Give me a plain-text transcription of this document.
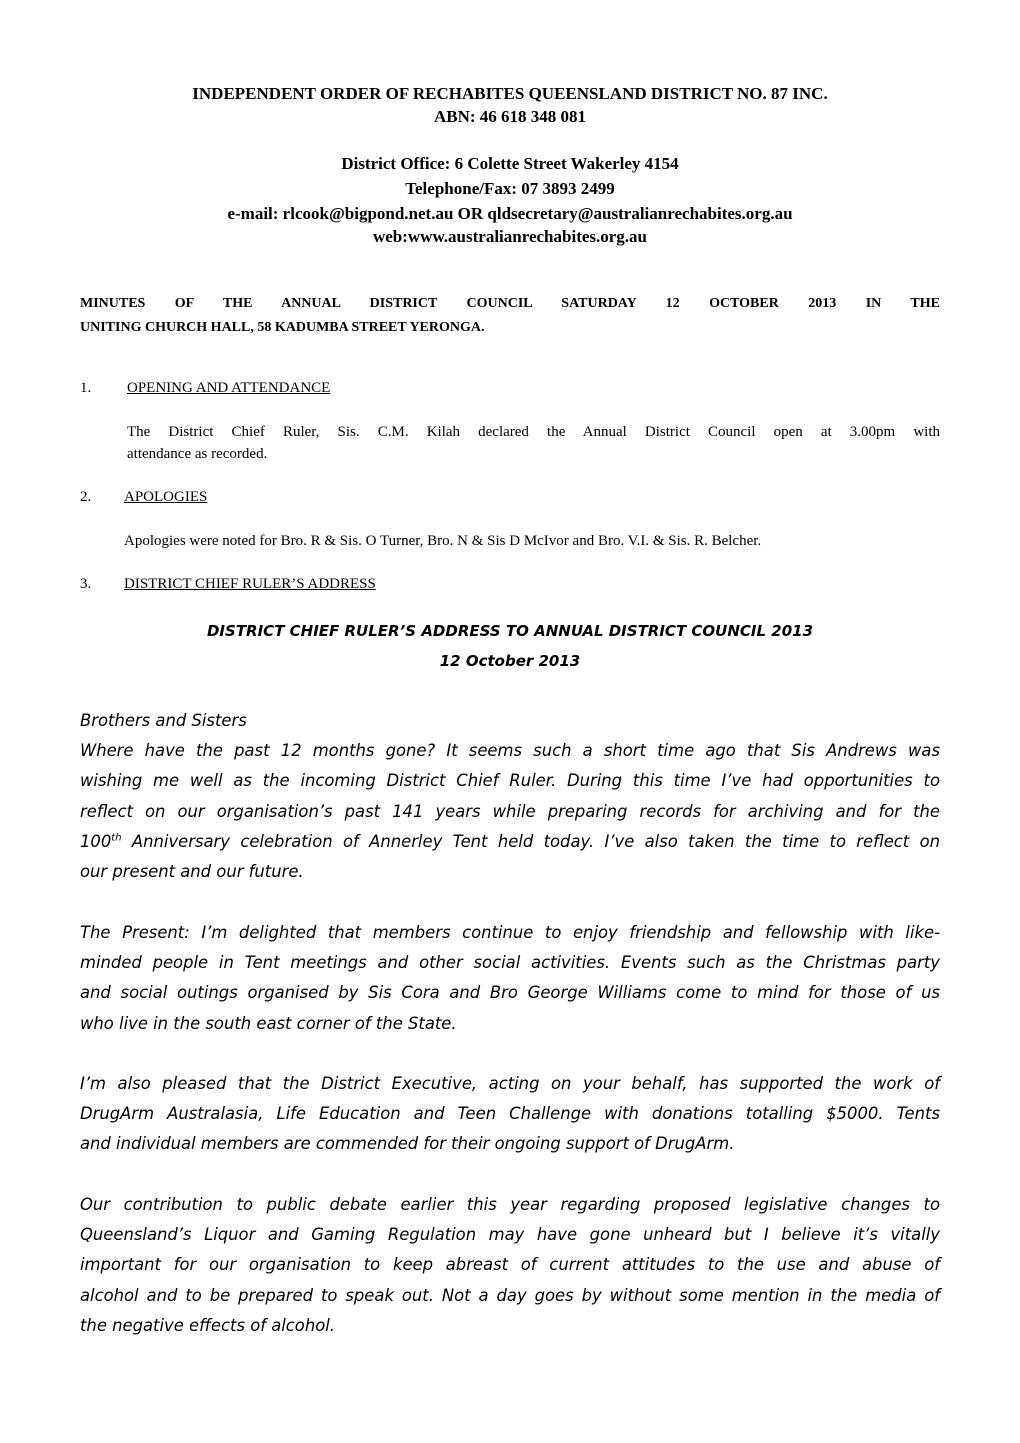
INDEPENDENT ORDER OF RECHABITES QUEENSLAND DISTRICT NO. 87 INC.
ABN: 46 618 348 081
District Office: 6 Colette Street Wakerley 4154
Telephone/Fax: 07 3893 2499
e-mail: rlcook@bigpond.net.au OR qldsecretary@australianrechabites.org.au
web:www.australianrechabites.org.au
MINUTES OF THE ANNUAL DISTRICT COUNCIL SATURDAY 12 OCTOBER 2013 IN THE
UNITING CHURCH HALL, 58 KADUMBA STREET YERONGA.
1. OPENING AND ATTENDANCE
The District Chief Ruler, Sis. C.M. Kilah declared the Annual District Council open at 3.00pm with
attendance as recorded.
2. APOLOGIES
Apologies were noted for Bro. R & Sis. O Turner, Bro. N & Sis D McIvor and Bro. V.I. & Sis. R. Belcher.
3. DISTRICT CHIEF RULER’S ADDRESS
DISTRICT CHIEF RULER’S ADDRESS TO ANNUAL DISTRICT COUNCIL 2013
12 October 2013
Brothers and Sisters
Where have the past 12 months gone? It seems such a short time ago that Sis Andrews was
wishing me well as the incoming District Chief Ruler. During this time I’ve had opportunities to
reflect on our organisation’s past 141 years while preparing records for archiving and for the
100th Anniversary celebration of Annerley Tent held today. I’ve also taken the time to reflect on
our present and our future.
The Present: I’m delighted that members continue to enjoy friendship and fellowship with like-
minded people in Tent meetings and other social activities. Events such as the Christmas party
and social outings organised by Sis Cora and Bro George Williams come to mind for those of us
who live in the south east corner of the State.
I’m also pleased that the District Executive, acting on your behalf, has supported the work of
DrugArm Australasia, Life Education and Teen Challenge with donations totalling $5000. Tents
and individual members are commended for their ongoing support of DrugArm.
Our contribution to public debate earlier this year regarding proposed legislative changes to
Queensland’s Liquor and Gaming Regulation may have gone unheard but I believe it’s vitally
important for our organisation to keep abreast of current attitudes to the use and abuse of
alcohol and to be prepared to speak out. Not a day goes by without some mention in the media of
the negative effects of alcohol.
